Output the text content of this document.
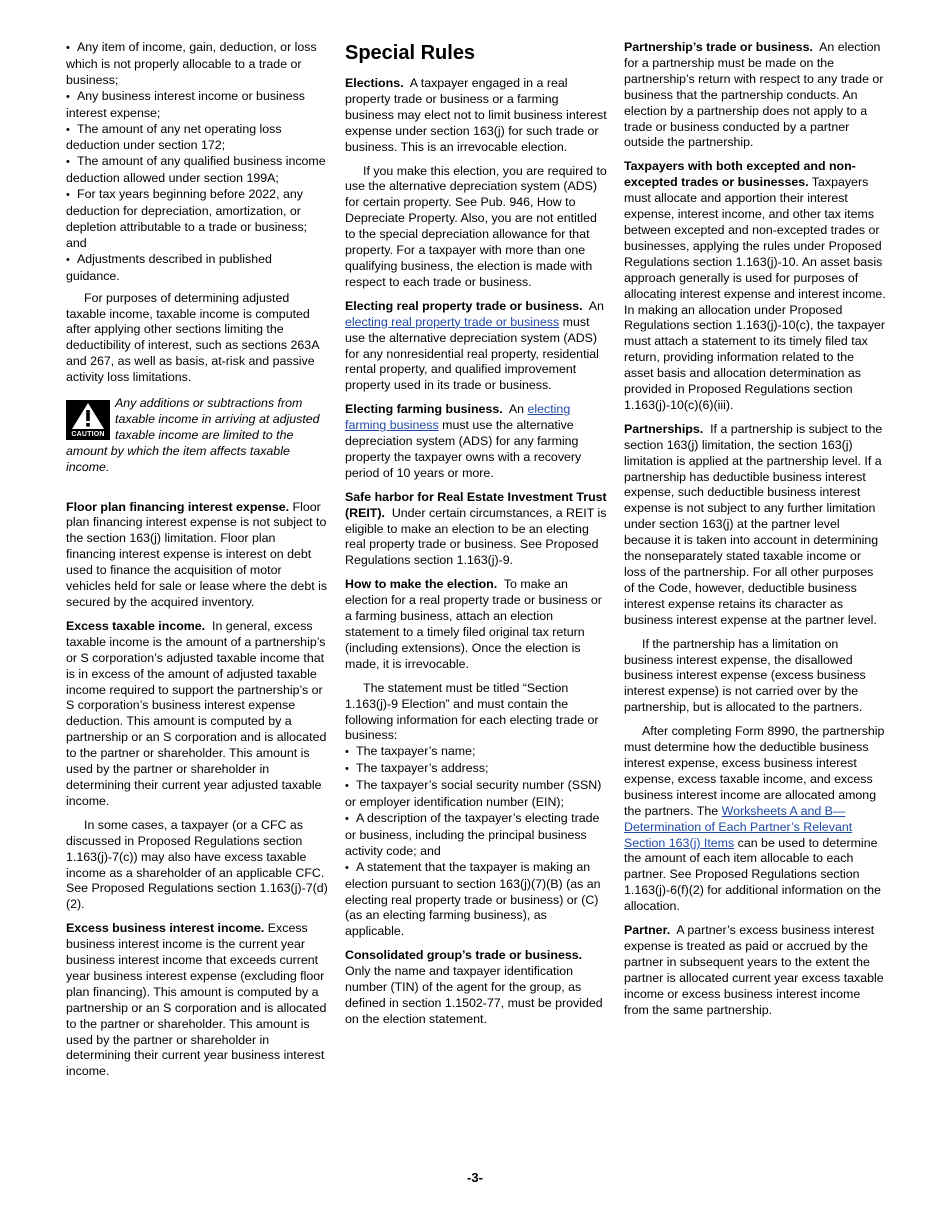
• Any item of income, gain, deduction, or loss which is not properly allocable to a trade or business;

• Any business interest income or business interest expense;

• The amount of any net operating loss deduction under section 172;

• The amount of any qualified business income deduction allowed under section 199A;

• For tax years beginning before 2022, any deduction for depreciation, amortization, or depletion attributable to a trade or business; and

• Adjustments described in published guidance.

For purposes of determining adjusted taxable income, taxable income is computed after applying other sections limiting the deductibility of interest, such as sections 263A and 267, as well as basis, at-risk and passive activity loss limitations.

CAUTION
Any additions or subtractions from taxable income in arriving at adjusted taxable income are limited to the amount by which the item affects taxable income.

Floor plan financing interest expense. Floor plan financing interest expense is not subject to the section 163(j) limitation. Floor plan financing interest expense is interest on debt used to finance the acquisition of motor vehicles held for sale or lease where the debt is secured by the acquired inventory.

Excess taxable income. In general, excess taxable income is the amount of a partnership’s or S corporation’s adjusted taxable income that is in excess of the amount of adjusted taxable income required to support the partnership’s or S corporation’s business interest expense deduction. This amount is computed by a partnership or an S corporation and is allocated to the partner or shareholder. This amount is used by the partner or shareholder in determining their current year adjusted taxable income.

In some cases, a taxpayer (or a CFC as discussed in Proposed Regulations section 1.163(j)-7(c)) may also have excess taxable income as a shareholder of an applicable CFC. See Proposed Regulations section 1.163(j)-7(d)(2).

Excess business interest income. Excess business interest income is the current year business interest income that exceeds current year business interest expense (excluding floor plan financing). This amount is computed by a partnership or an S corporation and is allocated to the partner or shareholder. This amount is used by the partner or shareholder in determining their current year business interest income.

Special Rules

Elections. A taxpayer engaged in a real property trade or business or a farming business may elect not to limit business interest expense under section 163(j) for such trade or business. This is an irrevocable election.

If you make this election, you are required to use the alternative depreciation system (ADS) for certain property. See Pub. 946, How to Depreciate Property. Also, you are not entitled to the special depreciation allowance for that property. For a taxpayer with more than one qualifying business, the election is made with respect to each trade or business.

Electing real property trade or business. An electing real property trade or business must use the alternative depreciation system (ADS) for any nonresidential real property, residential rental property, and qualified improvement property used in its trade or business.

Electing farming business. An electing farming business must use the alternative depreciation system (ADS) for any farming property the taxpayer owns with a recovery period of 10 years or more.

Safe harbor for Real Estate Investment Trust (REIT). Under certain circumstances, a REIT is eligible to make an election to be an electing real property trade or business. See Proposed Regulations section 1.163(j)-9.

How to make the election. To make an election for a real property trade or business or a farming business, attach an election statement to a timely filed original tax return (including extensions). Once the election is made, it is irrevocable.

The statement must be titled “Section 1.163(j)-9 Election” and must contain the following information for each electing trade or business:

• The taxpayer’s name;

• The taxpayer’s address;

• The taxpayer’s social security number (SSN) or employer identification number (EIN);

• A description of the taxpayer’s electing trade or business, including the principal business activity code; and

• A statement that the taxpayer is making an election pursuant to section 163(j)(7)(B) (as an electing real property trade or business) or (C) (as an electing farming business), as applicable.

Consolidated group’s trade or business.  Only the name and taxpayer identification number (TIN) of the agent for the group, as defined in section 1.1502-77, must be provided on the election statement.

Partnership’s trade or business. An election for a partnership must be made on the partnership’s return with respect to any trade or business that the partnership conducts. An election by a partnership does not apply to a trade or business conducted by a partner outside the partnership.

Taxpayers with both excepted and non-excepted trades or businesses. Taxpayers must allocate and apportion their interest expense, interest income, and other tax items between excepted and non-excepted trades or businesses, applying the rules under Proposed Regulations section 1.163(j)-10. An asset basis approach generally is used for purposes of allocating interest expense and interest income. In making an allocation under Proposed Regulations section 1.163(j)-10(c), the taxpayer must attach a statement to its timely filed tax return, providing information related to the asset basis and allocation determination as provided in Proposed Regulations section 1.163(j)-10(c)(6)(iii).

Partnerships. If a partnership is subject to the section 163(j) limitation, the section 163(j) limitation is applied at the partnership level. If a partnership has deductible business interest expense, such deductible business interest expense is not subject to any further limitation under section 163(j) at the partner level because it is taken into account in determining the nonseparately stated taxable income or loss of the partnership. For all other purposes of the Code, however, deductible business interest expense retains its character as business interest expense at the partner level.

If the partnership has a limitation on business interest expense, the disallowed business interest expense (excess business interest expense) is not carried over by the partnership, but is allocated to the partners.

After completing Form 8990, the partnership must determine how the deductible business interest expense, excess business interest expense, excess taxable income, and excess business interest income are allocated among the partners. The Worksheets A and B—Determination of Each Partner’s Relevant Section 163(j) Items can be used to determine the amount of each item allocable to each partner. See Proposed Regulations section 1.163(j)-6(f)(2) for additional information on the allocation.

Partner. A partner’s excess business interest expense is treated as paid or accrued by the partner in subsequent years to the extent the partner is allocated current year excess taxable income or excess business interest income from the same partnership.

-3-
